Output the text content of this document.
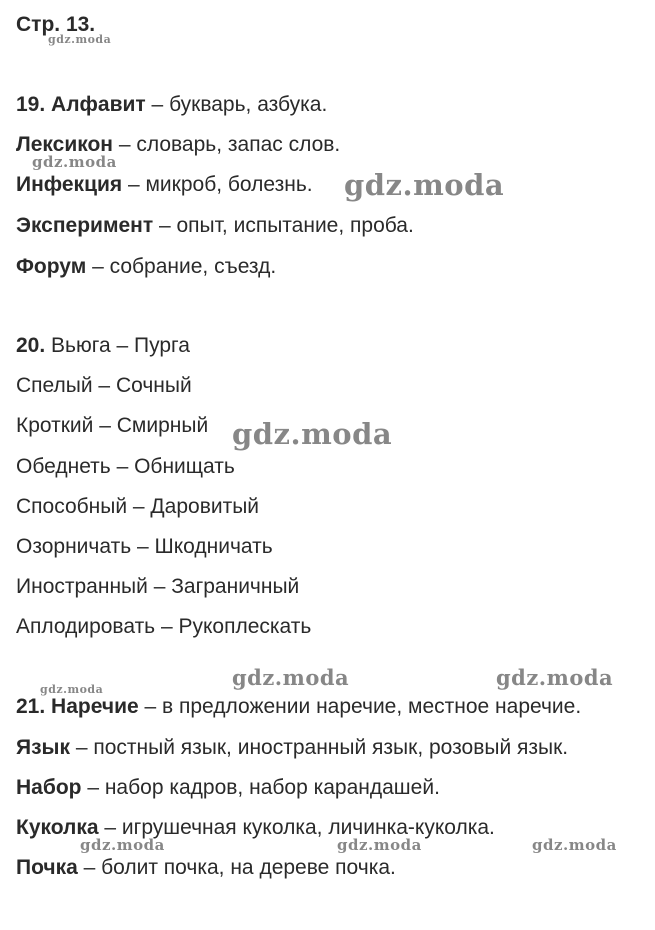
Стр. 13.
gdz.moda
19. Алфавит – букварь, азбука.
Лексикон – словарь, запас слов.
Инфекция – микроб, болезнь.
Эксперимент – опыт, испытание, проба.
Форум – собрание, съезд.
gdz.moda
gdz.moda
20. Вьюга – Пурга
Спелый – Сочный
Кроткий – Смирный
Обеднеть – Обнищать
Способный – Даровитый
Озорничать – Шкодничать
Иностранный – Заграничный
Аплодировать – Рукоплескать
gdz.moda
gdz.moda	gdz.moda
gdz.moda
21. Наречие – в предложении наречие, местное наречие.
Язык – постный язык, иностранный язык, розовый язык.
Набор – набор кадров, набор карандашей.
Куколка – игрушечная куколка, личинка-куколка.
Почка – болит почка, на дереве почка.
gdz.moda	gdz.moda	gdz.moda
